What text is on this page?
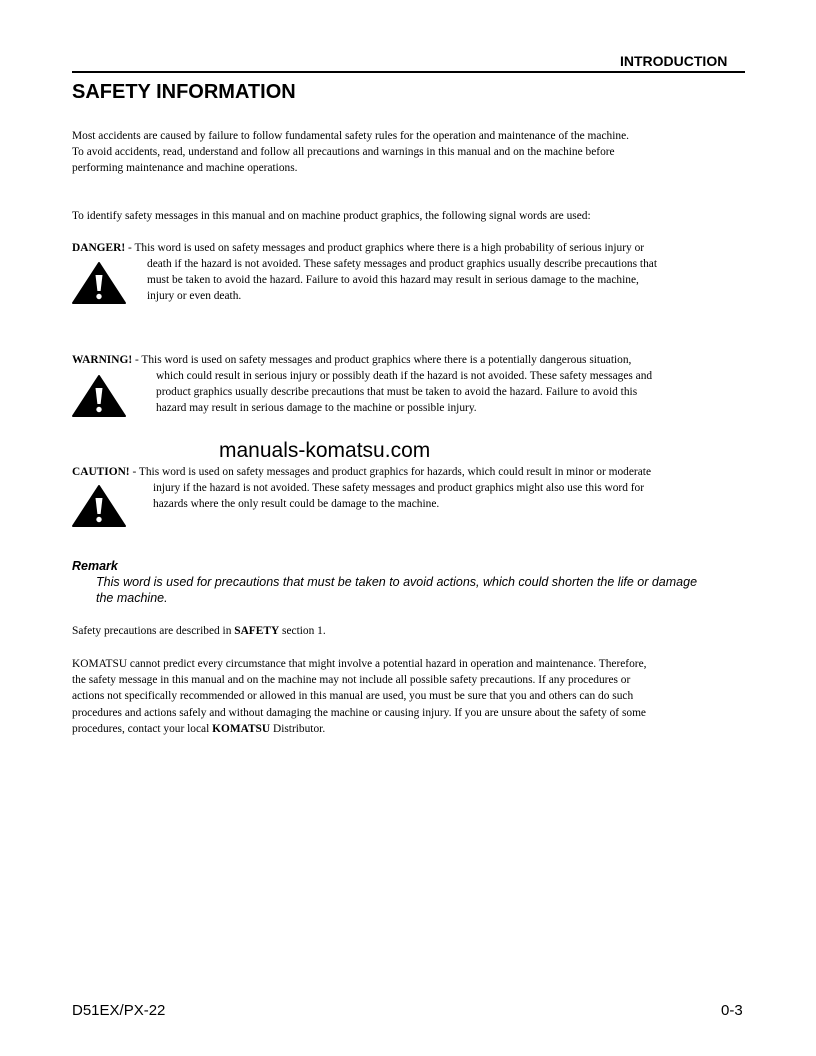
INTRODUCTION
SAFETY INFORMATION
Most accidents are caused by failure to follow fundamental safety rules for the operation and maintenance of the machine.
To avoid accidents, read, understand and follow all precautions and warnings in this manual and on the machine before
performing maintenance and machine operations.
To identify safety messages in this manual and on machine product graphics, the following signal words are used:
DANGER! - This word is used on safety messages and product graphics where there is a high probability of serious injury or
death if the hazard is not avoided. These safety messages and product graphics usually describe precautions that
must be taken to avoid the hazard. Failure to avoid this hazard may result in serious damage to the machine,
injury or even death.
WARNING! - This word is used on safety messages and product graphics where there is a potentially dangerous situation,
which could result in serious injury or possibly death if the hazard is not avoided. These safety messages and
product graphics usually describe precautions that must be taken to avoid the hazard. Failure to avoid this
hazard may result in serious damage to the machine or possible injury.
manuals-komatsu.com
CAUTION! - This word is used on safety messages and product graphics for hazards, which could result in minor or moderate
injury if the hazard is not avoided. These safety messages and product graphics might also use this word for
hazards where the only result could be damage to the machine.
Remark
This word is used for precautions that must be taken to avoid actions, which could shorten the life or damage
the machine.
Safety precautions are described in SAFETY section 1.
KOMATSU cannot predict every circumstance that might involve a potential hazard in operation and maintenance. Therefore,
the safety message in this manual and on the machine may not include all possible safety precautions. If any procedures or
actions not specifically recommended or allowed in this manual are used, you must be sure that you and others can do such
procedures and actions safely and without damaging the machine or causing injury. If you are unsure about the safety of some
procedures, contact your local KOMATSU Distributor.
D51EX/PX-22	0-3
